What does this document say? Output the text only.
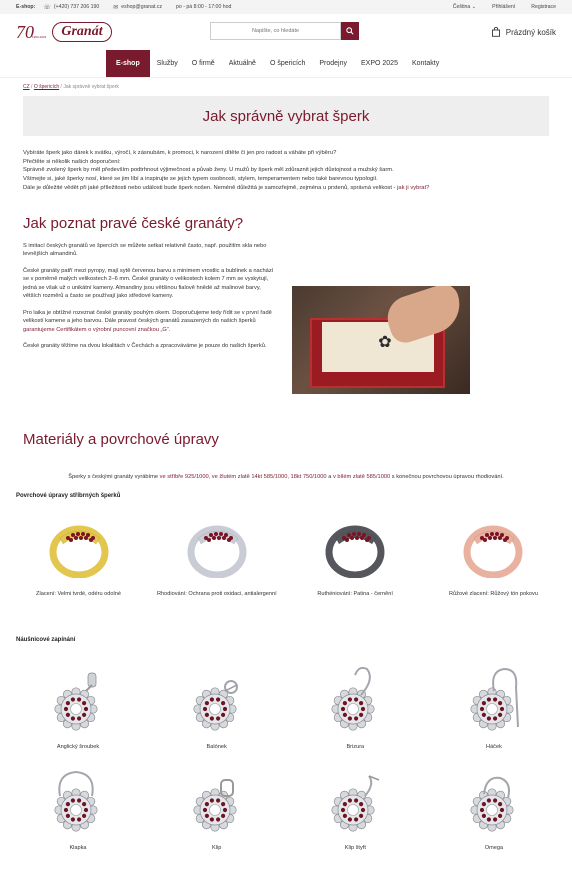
E-shop: ☏ (+420) 737 206 190 ✉ eshop@granat.cz	po - pá 8:00 - 17:00 hod	Čeština ⌄	Přihlášení	Registrace
70
1953-2023	Granát
Napište, co hledáte	Prázdný košík
E-shop	Služby	O firmě	Aktuálně	O špericích	Prodejny	EXPO 2025	Kontakty
CZ / O špericích / Jak správně vybrat šperk
Jak správně vybrat šperk
Vybíráte šperk jako dárek k svátku, výročí, k zásnubám, k promoci, k narození dítěte či jen pro radost a váháte při výběru?
Přečtěte si několik našich doporučení:
Správně zvolený šperk by měl především podtrhnout výjimečnost a půvab ženy. U mužů by šperk měl zdůraznit jejich důstojnost a mužský šarm.
Všímejte si, jaké šperky nosí, které se jim líbí a inspirujte se jejich typem osobnosti, stylem, temperamentem nebo také barevnou typologií.
Dále je důležité vědět při jaké příležitosti nebo události bude šperk nošen. Neméně důležitá je samozřejmě, zejména u prstenů, správná velikost - jak ji vybrat?
Jak poznat pravé české granáty?

S imitací českých granátů ve špercích se můžete setkat relativně často, např. použitím skla nebo levnějších almandinů.

České granáty patří mezi pyropy, mají sytě červenou barvu s minimem vrostlic a bublinek a nachází se v poměrně malých velikostech 2–6 mm. České granáty o velikostech kolem 7 mm se vyskytují, jedná se však už o unikátní kameny. Almandiny jsou většinou fialově hnědé až malinové barvy, větších rozměrů a často se používají jako středové kameny.

Pro laika je obtížné rozeznat české granáty pouhým okem. Doporučujeme tedy řídit se v první řadě velikostí kamene a jeho barvou. Dále pravost českých granátů zasazených do našich šperků garantujeme Certifikátem o výrobní puncovní značkou „G“.

České granáty těžíme na dvou lokalitách v Čechách a zpracováváme je pouze do našich šperků.	✿
Materiály a povrchové úpravy
Šperky s českými granáty vyrábíme ve stříbře 925/1000, ve žlutém zlatě 14kt 585/1000, 18kt 750/1000 a v bílém zlatě 585/1000 s konečnou povrchovou úpravou rhodiování.
Povrchové úpravy stříbrných šperků
Zlacení: Velmi tvrdé, odéru odolné	Rhodiování: Ochrana proti oxidaci, antialergenní	Ruthéniování: Patina - černění	Růžové zlacení: Růžový tón pokovu
Náušnicové zapínání
Anglický šroubek	Balónek	Brizura	Háček
Klapka	Klip	Klip štyft	Omega
